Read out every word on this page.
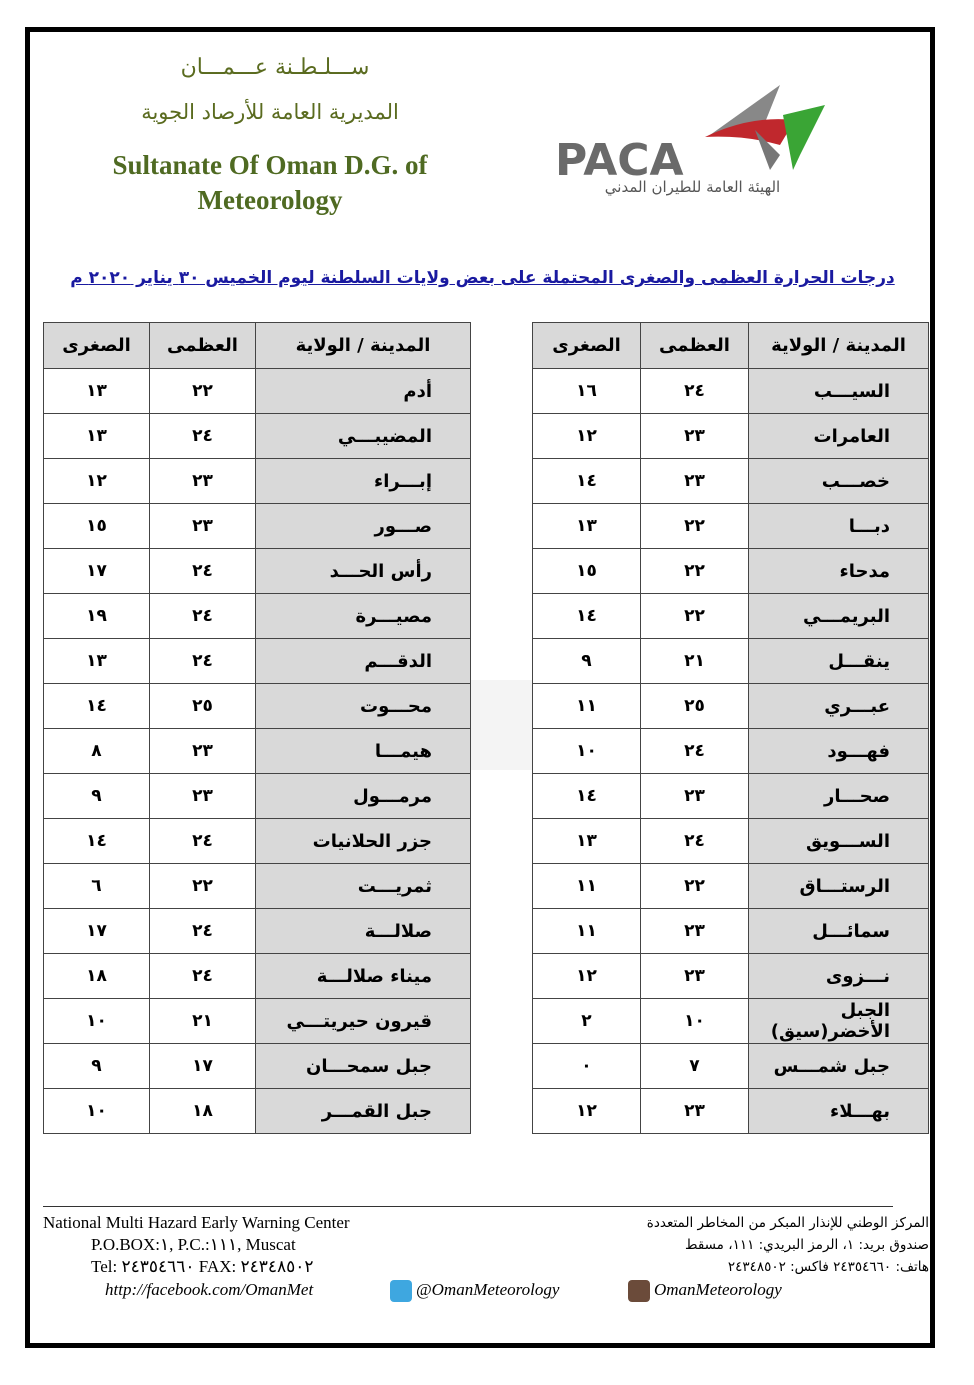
ســـلـطـنة عـــمـــان
المديرية العامة للأرصاد الجوية
Sultanate Of Oman D.G. of
Meteorology
PACA
الهيئة العامة للطيران المدني
درجات الحرارة العظمى والصغرى المحتملة على بعض ولايات السلطنة ليوم الخميس ٣٠ يناير ٢٠٢٠ م
المدينة / الولاية	العظمى	الصغرى
السيـــب	٢٤	١٦
العامرات	٢٣	١٢
خصـــب	٢٣	١٤
دبـــا	٢٢	١٣
مدحاء	٢٢	١٥
البريمـــي	٢٢	١٤
ينقـــل	٢١	٩
عبـــري	٢٥	١١
فهـــود	٢٤	١٠
صحـــار	٢٣	١٤
الســـويق	٢٤	١٣
الرستـــاق	٢٢	١١
سمائـــل	٢٣	١١
نـــزوى	٢٣	١٢
الجبل الأخضر(سيق)	١٠	٢
جبل شمـــس	٧	٠
بهـــلاء	٢٣	١٢
المدينة / الولاية	العظمى	الصغرى
أدم	٢٢	١٣
المضيبـــي	٢٤	١٣
إبـــراء	٢٣	١٢
صـــور	٢٣	١٥
رأس الحـــد	٢٤	١٧
مصيـــرة	٢٤	١٩
الدقـــم	٢٤	١٣
محـــوت	٢٥	١٤
هيمـــا	٢٣	٨
مرمـــول	٢٣	٩
جزر الحلانيات	٢٤	١٤
ثمريـــت	٢٢	٦
صلالـــة	٢٤	١٧
ميناء صلالـــة	٢٤	١٨
قيرون حيريتـــي	٢١	١٠
جبل سمحـــان	١٧	٩
جبل القمـــر	١٨	١٠
National Multi Hazard Early Warning Center
P.O.BOX:١, P.C.:١١١, Muscat
Tel: ٢٤٣٥٤٦٦٠ FAX: ٢٤٣٤٨٥٠٢
المركز الوطني للإنذار المبكر من المخاطر المتعددة
صندوق بريد: ١، الرمز البريدي: ١١١، مسقط
هاتف: ٢٤٣٥٤٦٦٠ فاكس: ٢٤٣٤٨٥٠٢
http://facebook.com/OmanMet	@OmanMeteorology	OmanMeteorology
